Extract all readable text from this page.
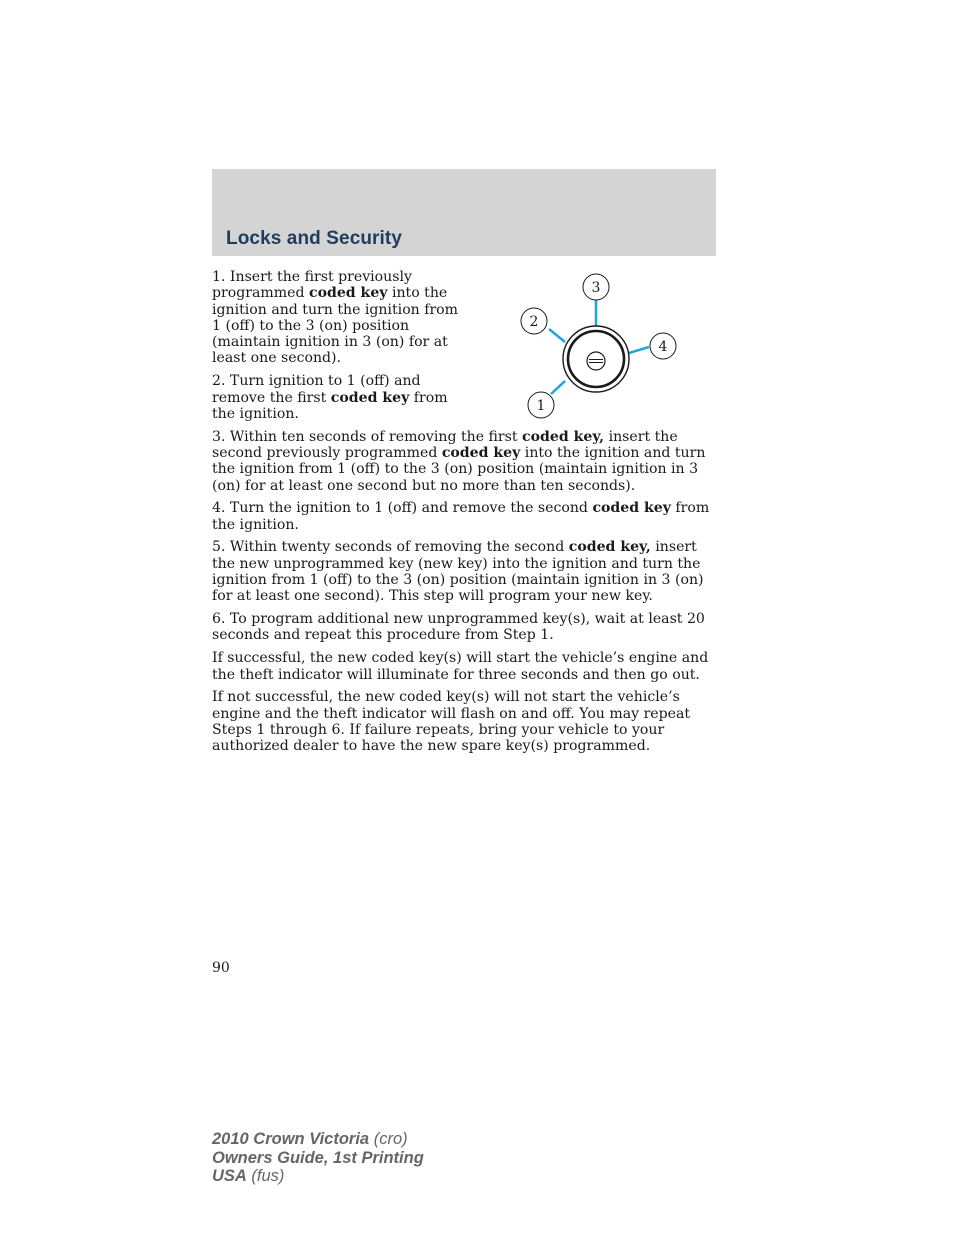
Locks and Security
3
2
4
1

1. Insert the first previously programmed coded key into the ignition and turn the ignition from 1 (off) to the 3 (on) position (maintain ignition in 3 (on) for at least one second).

2. Turn ignition to 1 (off) and remove the first coded key from the ignition.

3. Within ten seconds of removing the first coded key, insert the second previously programmed coded key into the ignition and turn the ignition from 1 (off) to the 3 (on) position (maintain ignition in 3 (on) for at least one second but no more than ten seconds).

4. Turn the ignition to 1 (off) and remove the second coded key from the ignition.

5. Within twenty seconds of removing the second coded key, insert the new unprogrammed key (new key) into the ignition and turn the ignition from 1 (off) to the 3 (on) position (maintain ignition in 3 (on) for at least one second). This step will program your new key.

6. To program additional new unprogrammed key(s), wait at least 20 seconds and repeat this procedure from Step 1.

If successful, the new coded key(s) will start the vehicle’s engine and the theft indicator will illuminate for three seconds and then go out.

If not successful, the new coded key(s) will not start the vehicle’s engine and the theft indicator will flash on and off. You may repeat Steps 1 through 6. If failure repeats, bring your vehicle to your authorized dealer to have the new spare key(s) programmed.

90
2010 Crown Victoria (cro)
Owners Guide, 1st Printing
USA (fus)
